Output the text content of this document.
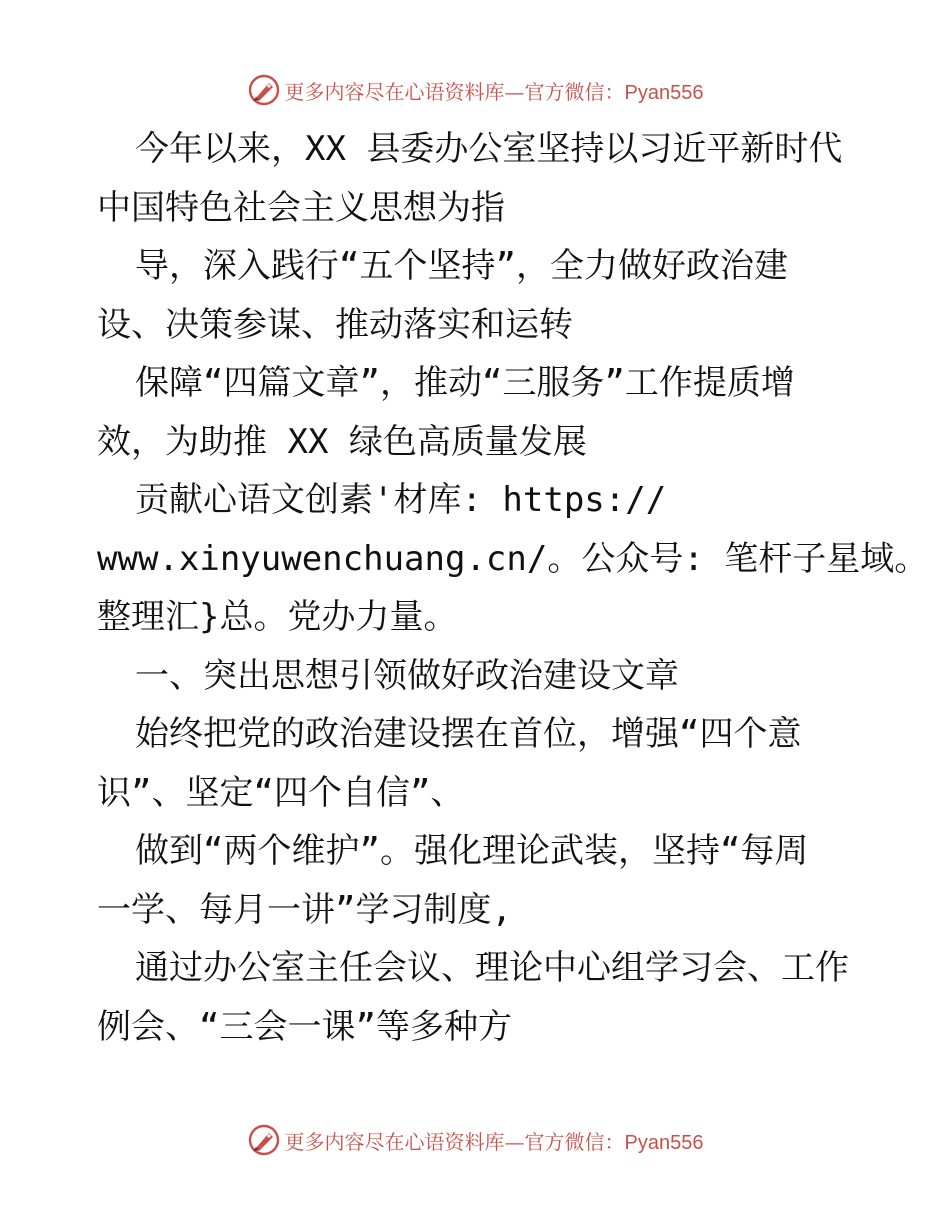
更多内容尽在心语资料库—官方微信：Pyan556
今年以来，XX 县委办公室坚持以习近平新时代
中国特色社会主义思想为指
导，深入践行“五个坚持”，全力做好政治建
设、决策参谋、推动落实和运转
保障“四篇文章”，推动“三服务”工作提质增
效，为助推 XX 绿色高质量发展
贡献心语文创素'材库: https://
www.xinyuwenchuang.cn/。公众号: 笔杆子星域。
整理汇}总。党办力量。
一、突出思想引领做好政治建设文章
始终把党的政治建设摆在首位，增强“四个意
识”、坚定“四个自信”、
做到“两个维护”。强化理论武装，坚持“每周
一学、每月一讲”学习制度,
通过办公室主任会议、理论中心组学习会、工作
例会、“三会一课”等多种方
更多内容尽在心语资料库—官方微信：Pyan556
